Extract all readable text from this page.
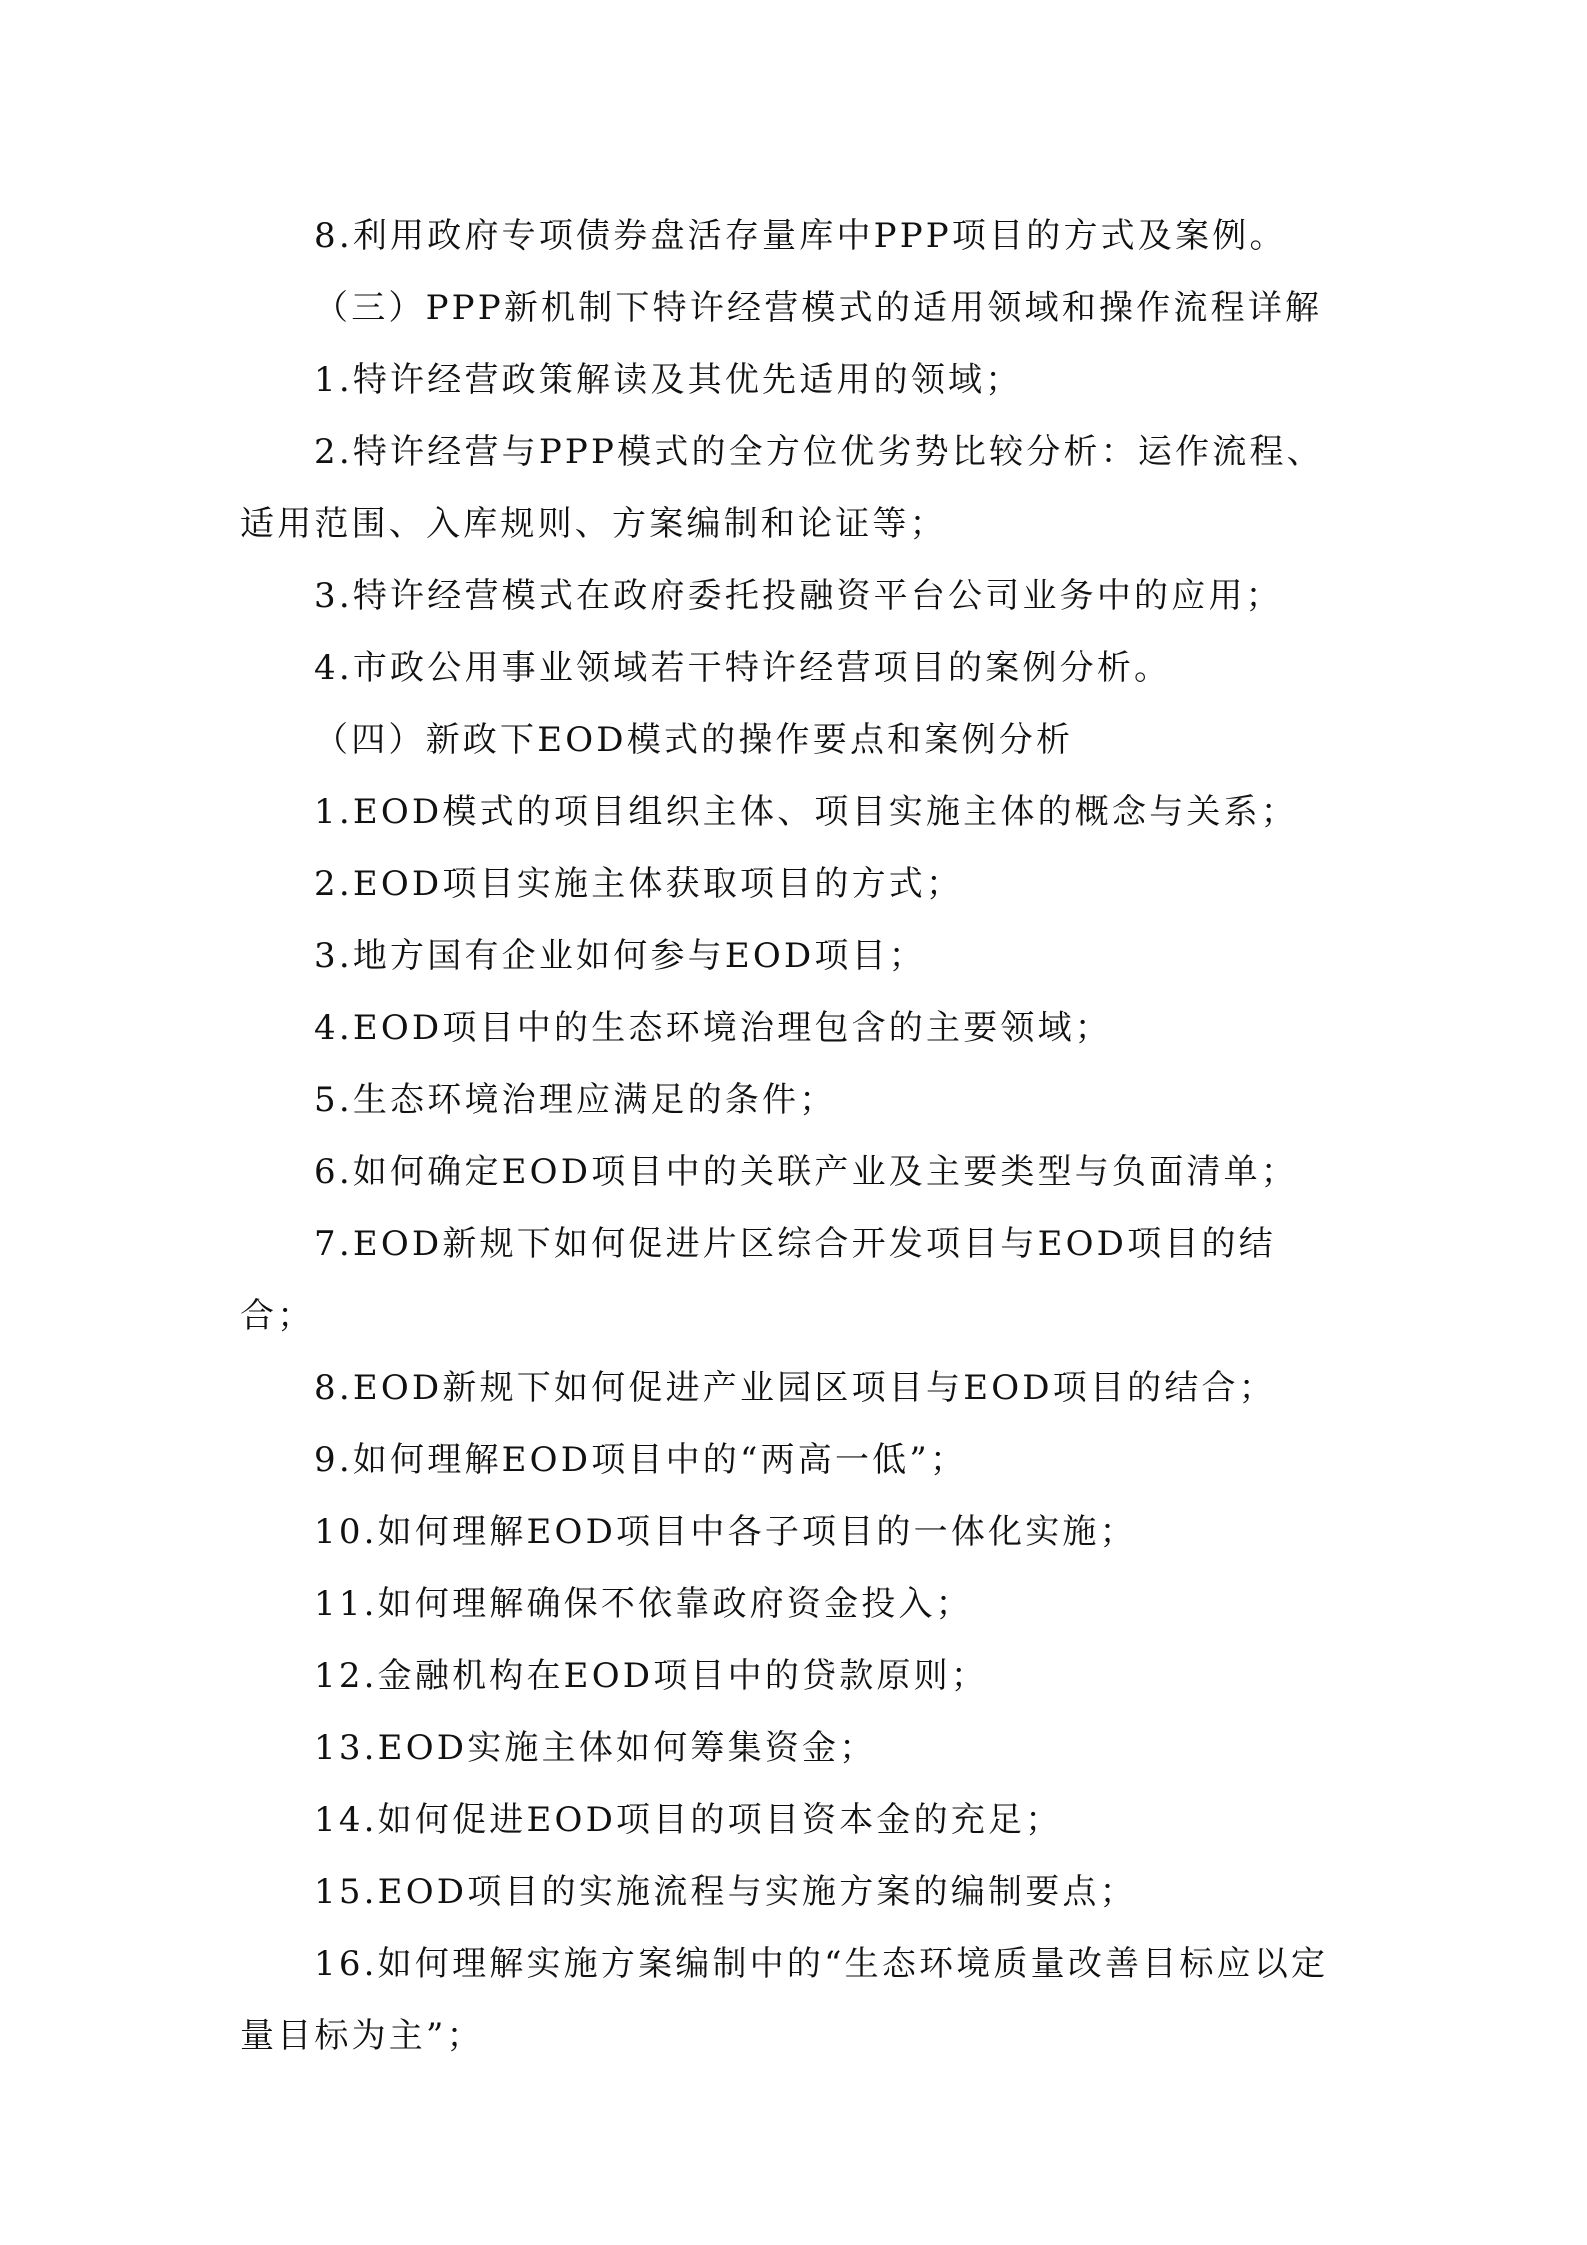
8.利用政府专项债券盘活存量库中PPP项目的方式及案例。

（三）PPP新机制下特许经营模式的适用领域和操作流程详解

1.特许经营政策解读及其优先适用的领域；

2.特许经营与PPP模式的全方位优劣势比较分析：运作流程、适用范围、入库规则、方案编制和论证等；

3.特许经营模式在政府委托投融资平台公司业务中的应用；

4.市政公用事业领域若干特许经营项目的案例分析。

（四）新政下EOD模式的操作要点和案例分析

1.EOD模式的项目组织主体、项目实施主体的概念与关系；

2.EOD项目实施主体获取项目的方式；

3.地方国有企业如何参与EOD项目；

4.EOD项目中的生态环境治理包含的主要领域；

5.生态环境治理应满足的条件；

6.如何确定EOD项目中的关联产业及主要类型与负面清单；

7.EOD新规下如何促进片区综合开发项目与EOD项目的结合；

8.EOD新规下如何促进产业园区项目与EOD项目的结合；

9.如何理解EOD项目中的“两高一低”；

10.如何理解EOD项目中各子项目的一体化实施；

11.如何理解确保不依靠政府资金投入；

12.金融机构在EOD项目中的贷款原则；

13.EOD实施主体如何筹集资金；

14.如何促进EOD项目的项目资本金的充足；

15.EOD项目的实施流程与实施方案的编制要点；

16.如何理解实施方案编制中的“生态环境质量改善目标应以定量目标为主”；
